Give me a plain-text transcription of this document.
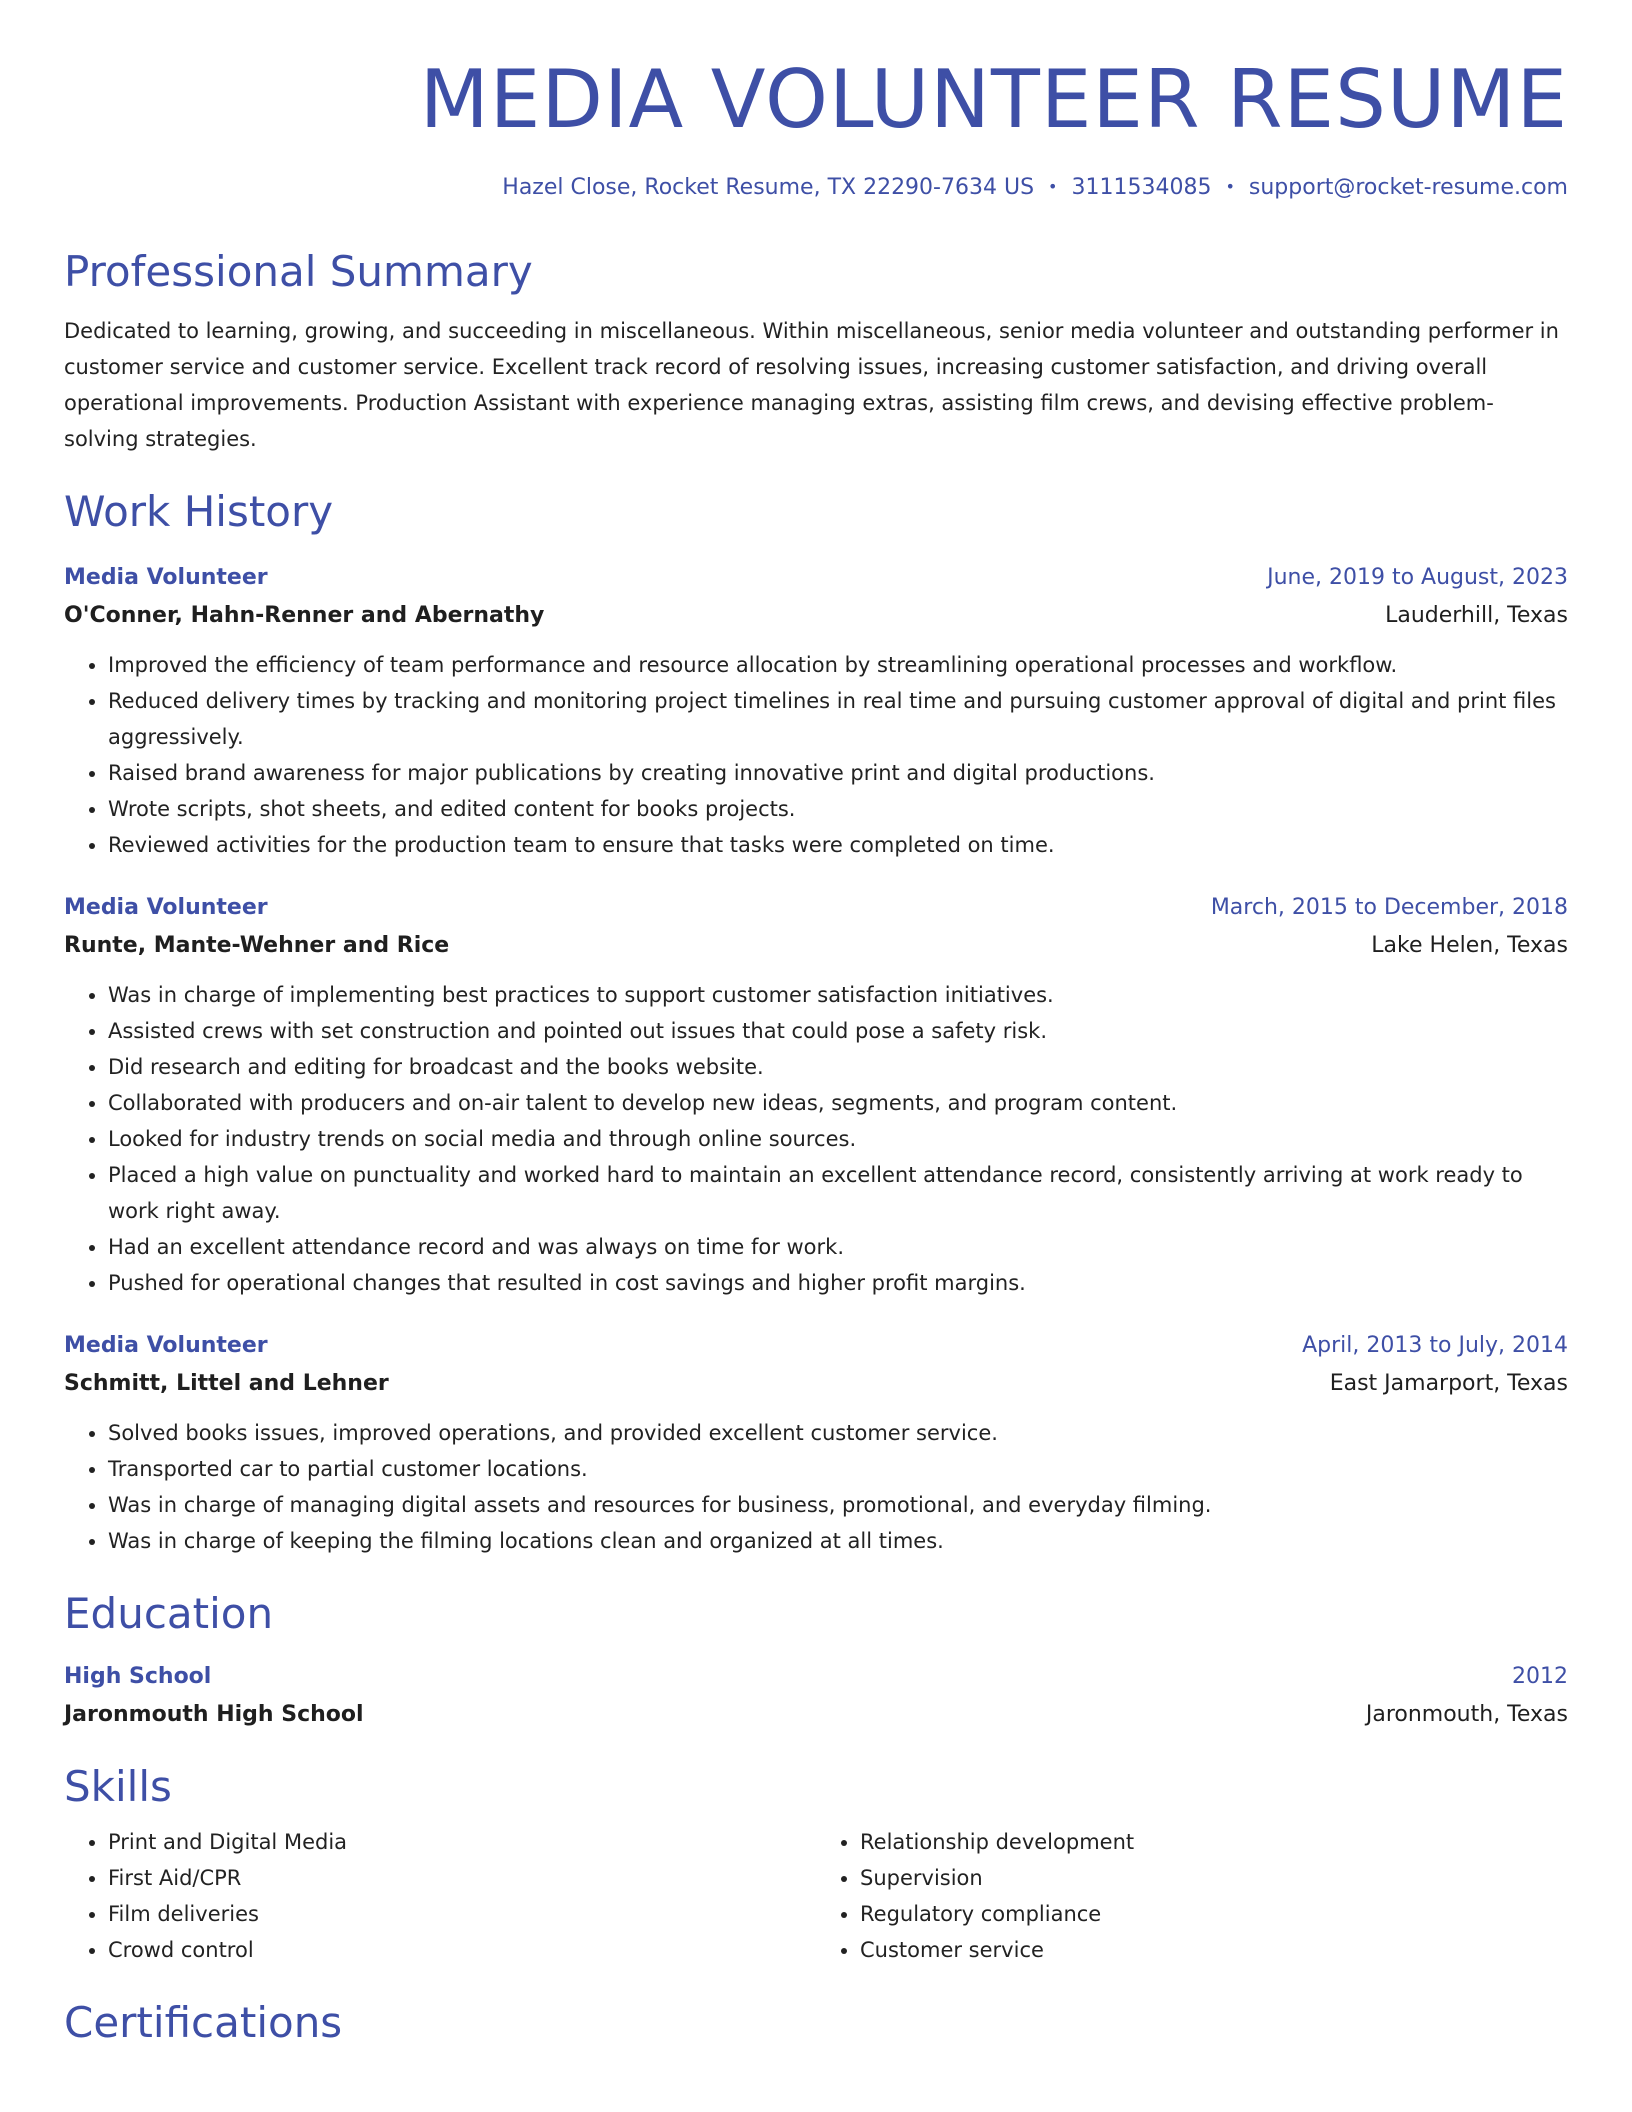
MEDIA VOLUNTEER RESUME
Hazel Close, Rocket Resume, TX 22290-7634 US • 3111534085 • support@rocket-resume.com
Professional Summary
Dedicated to learning, growing, and succeeding in miscellaneous. Within miscellaneous, senior media volunteer and outstanding performer in customer service and customer service. Excellent track record of resolving issues, increasing customer satisfaction, and driving overall operational improvements. Production Assistant with experience managing extras, assisting film crews, and devising effective problem-solving strategies.
Work History
Media Volunteer	June, 2019 to August, 2023
O'Conner, Hahn-Renner and Abernathy	Lauderhill, Texas
• Improved the efficiency of team performance and resource allocation by streamlining operational processes and workflow.
• Reduced delivery times by tracking and monitoring project timelines in real time and pursuing customer approval of digital and print files aggressively.
• Raised brand awareness for major publications by creating innovative print and digital productions.
• Wrote scripts, shot sheets, and edited content for books projects.
• Reviewed activities for the production team to ensure that tasks were completed on time.
Media Volunteer	March, 2015 to December, 2018
Runte, Mante-Wehner and Rice	Lake Helen, Texas
• Was in charge of implementing best practices to support customer satisfaction initiatives.
• Assisted crews with set construction and pointed out issues that could pose a safety risk.
• Did research and editing for broadcast and the books website.
• Collaborated with producers and on-air talent to develop new ideas, segments, and program content.
• Looked for industry trends on social media and through online sources.
• Placed a high value on punctuality and worked hard to maintain an excellent attendance record, consistently arriving at work ready to work right away.
• Had an excellent attendance record and was always on time for work.
• Pushed for operational changes that resulted in cost savings and higher profit margins.
Media Volunteer	April, 2013 to July, 2014
Schmitt, Littel and Lehner	East Jamarport, Texas
• Solved books issues, improved operations, and provided excellent customer service.
• Transported car to partial customer locations.
• Was in charge of managing digital assets and resources for business, promotional, and everyday filming.
• Was in charge of keeping the filming locations clean and organized at all times.
Education
High School	2012
Jaronmouth High School	Jaronmouth, Texas
Skills
• Print and Digital Media
• First Aid/CPR
• Film deliveries
• Crowd control
• Relationship development
• Supervision
• Regulatory compliance
• Customer service
Certifications
